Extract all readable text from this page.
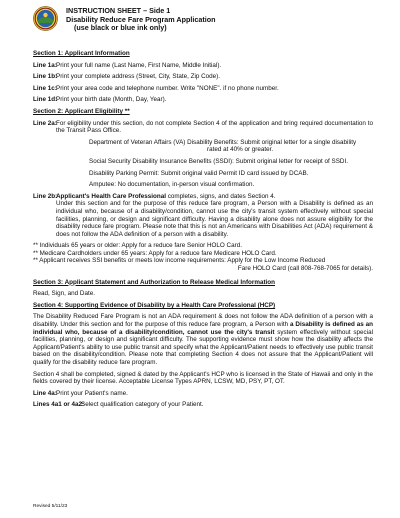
INSTRUCTION SHEET – Side 1
Disability Reduce Fare Program Application
(use black or blue ink only)
Section 1: Applicant Information
Line 1a: Print your full name (Last Name, First Name, Middle Initial).
Line 1b:
Print your complete address (Street, City, State, Zip Code).
Line 1c: Print your area code and telephone number. Write "NONE". if no phone number.
Line 1d:
Print your birth date (Month, Day, Year).
Section 2: Applicant Eligibility **
Line 2a: For eligibility under this section, do not complete Section 4 of the application and bring required documentation to the Transit Pass Office.
Department of Veteran Affairs (VA) Disability Benefits: Submit original letter for a single disability
rated at 40% or greater.
Social Security Disability Insurance Benefits (SSDI): Submit original letter for receipt of SSDI.
Disability Parking Permit: Submit original valid Permit ID card issued by DCAB.
Amputee: No documentation, in-person visual confirmation.
Line 2b:
Applicant's Health Care Professional completes, signs, and dates Section 4.
Under this section and for the purpose of this reduce fare program, a Person with a Disability is defined as an individual who, because of a disability/condition, cannot use the city's transit system effectively without special facilities, planning, or design and significant difficulty. Having a disability alone does not assure eligibility for the disability reduce fare program. Please note that this is not an Americans with Disabilities Act (ADA) requirement & does not follow the ADA definition of a person with a disability.
** Individuals 65 years or older: Apply for a reduce fare Senior HOLO Card.
** Medicare Cardholders under 65 years: Apply for a reduce fare Medicare HOLO Card.
** Applicant receives SSI benefits or meets low income requirements: Apply for the Low Income Reduced
Fare HOLO Card (call 808-768-7065 for details).
Section 3: Applicant Statement and Authorization to Release Medical Information
Read, Sign, and Date.
Section 4: Supporting Evidence of Disability by a Health Care Professional (HCP)
The Disability Reduced Fare Program is not an ADA requirement & does not follow the ADA definition of a person with a disability. Under this section and for the purpose of this reduce fare program, a Person with a Disability is defined as an individual who, because of a disability/condition, cannot use the city's transit system effectively without special facilities, planning, or design and significant difficulty. The supporting evidence must show how the disability affects the Applicant/Patient's ability to use public transit and specify what the Applicant/Patient needs to effectively use public transit based on the disability/condition. Please note that completing Section 4 does not assure that the Applicant/Patient will qualify for the disability reduce fare program.
Section 4 shall be completed, signed & dated by the Applicant's HCP who is licensed in the State of Hawaii and only in the fields covered by their license. Acceptable License Types APRN, LCSW, MD, PSY, PT, OT.
Line 4a: Print your Patient's name.
Lines 4a1 or 4a2:
Select qualification category of your Patient.
Revised 5/11/23
